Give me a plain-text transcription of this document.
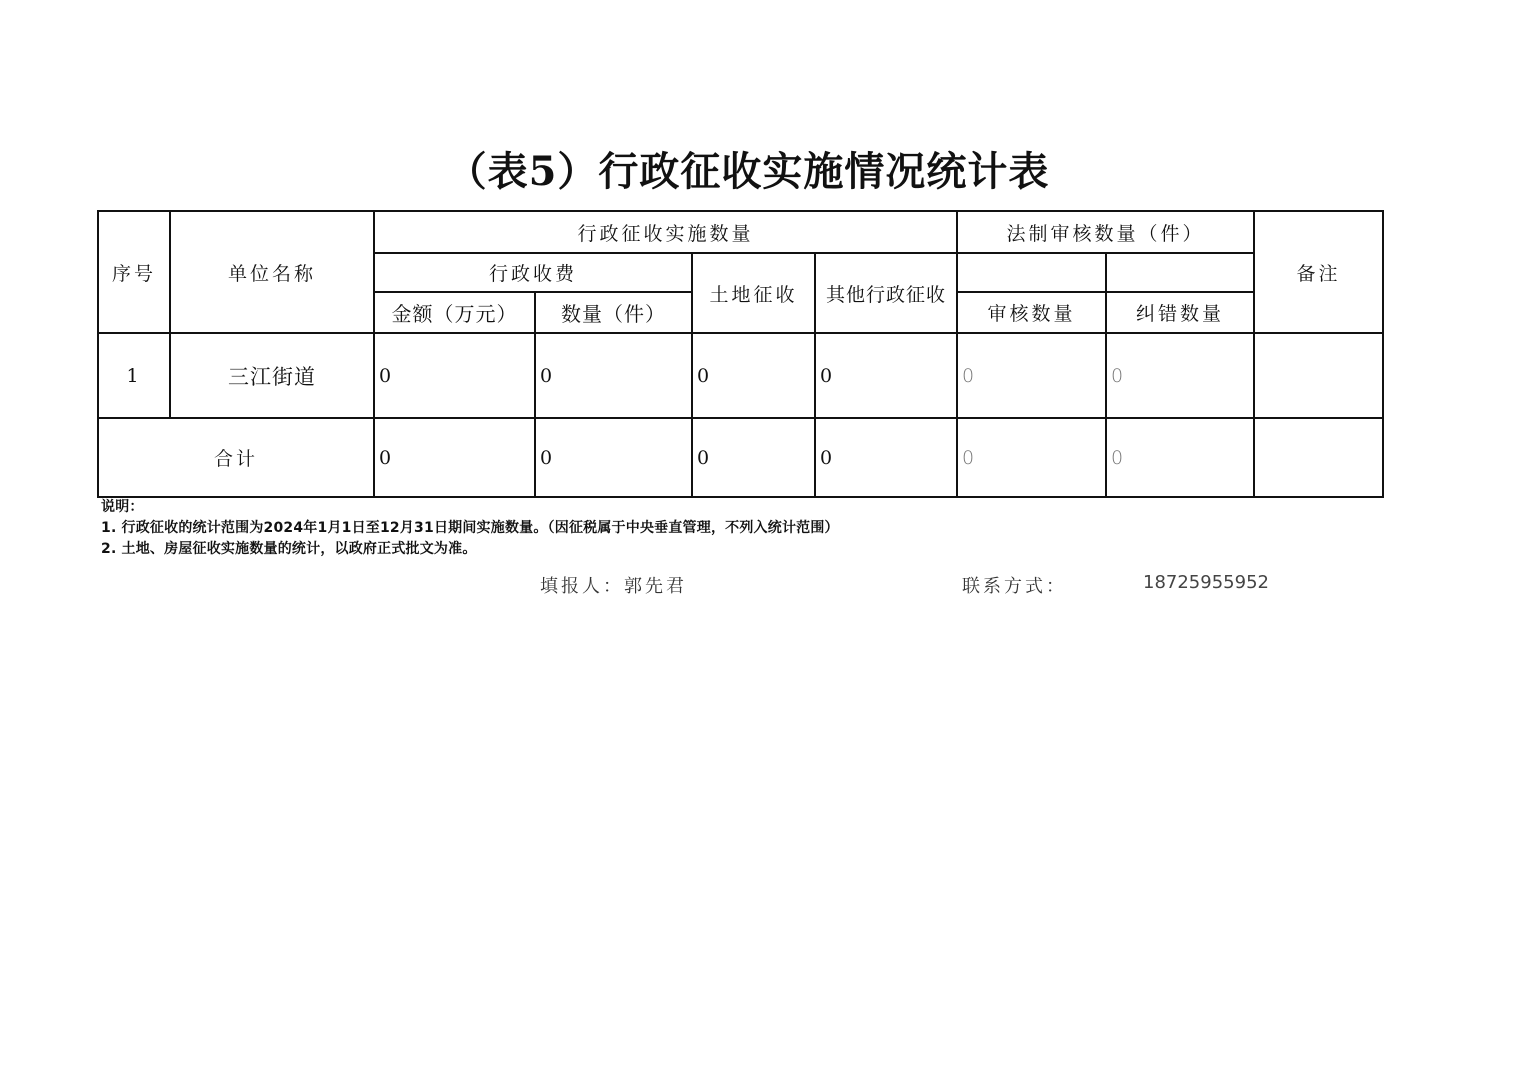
（表5）行政征收实施情况统计表
序号	单位名称	行政征收实施数量				法制审核数量（件）		备注
		行政收费		土地征收	其他行政征收			
		金额（万元）	数量（件）			审核数量	纠错数量	
1	三江街道	0	0	0	0	0	0	
合计		0	0	0	0	0	0	
说明：
1. 行政征收的统计范围为2024年1月1日至12月31日期间实施数量。（因征税属于中央垂直管理，不列入统计范围）
2. 土地、房屋征收实施数量的统计，以政府正式批文为准。
填报人：郭先君	联系方式：	18725955952
